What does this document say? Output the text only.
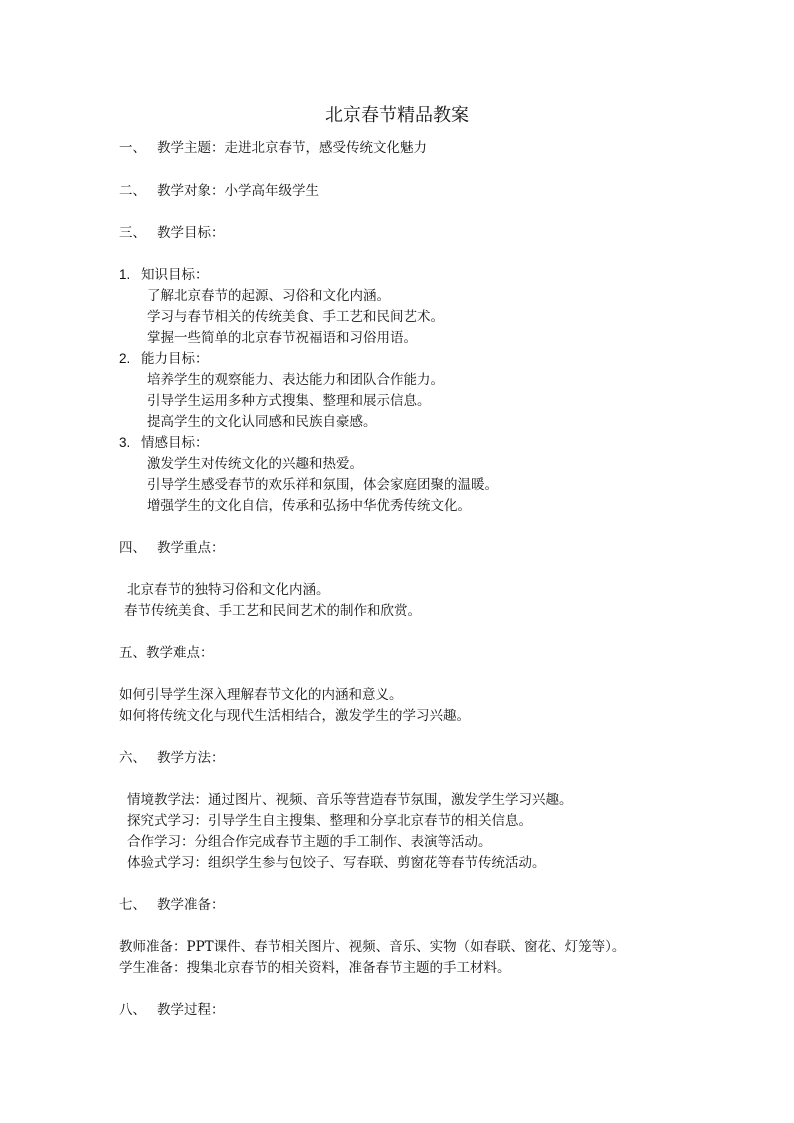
北京春节精品教案
一、 教学主题：走进北京春节，感受传统文化魅力
二、 教学对象：小学高年级学生
三、 教学目标：
1. 知识目标：
了解北京春节的起源、习俗和文化内涵。
学习与春节相关的传统美食、手工艺和民间艺术。
掌握一些简单的北京春节祝福语和习俗用语。
2. 能力目标：
培养学生的观察能力、表达能力和团队合作能力。
引导学生运用多种方式搜集、整理和展示信息。
提高学生的文化认同感和民族自豪感。
3. 情感目标：
激发学生对传统文化的兴趣和热爱。
引导学生感受春节的欢乐祥和氛围，体会家庭团聚的温暖。
增强学生的文化自信，传承和弘扬中华优秀传统文化。
四、 教学重点：
北京春节的独特习俗和文化内涵。
春节传统美食、手工艺和民间艺术的制作和欣赏。
五、教学难点：
如何引导学生深入理解春节文化的内涵和意义。
如何将传统文化与现代生活相结合，激发学生的学习兴趣。
六、 教学方法：
情境教学法：通过图片、视频、音乐等营造春节氛围，激发学生学习兴趣。
探究式学习：引导学生自主搜集、整理和分享北京春节的相关信息。
合作学习：分组合作完成春节主题的手工制作、表演等活动。
体验式学习：组织学生参与包饺子、写春联、剪窗花等春节传统活动。
七、 教学准备：
教师准备：PPT课件、春节相关图片、视频、音乐、实物（如春联、窗花、灯笼等）。
学生准备：搜集北京春节的相关资料，准备春节主题的手工材料。
八、 教学过程：
